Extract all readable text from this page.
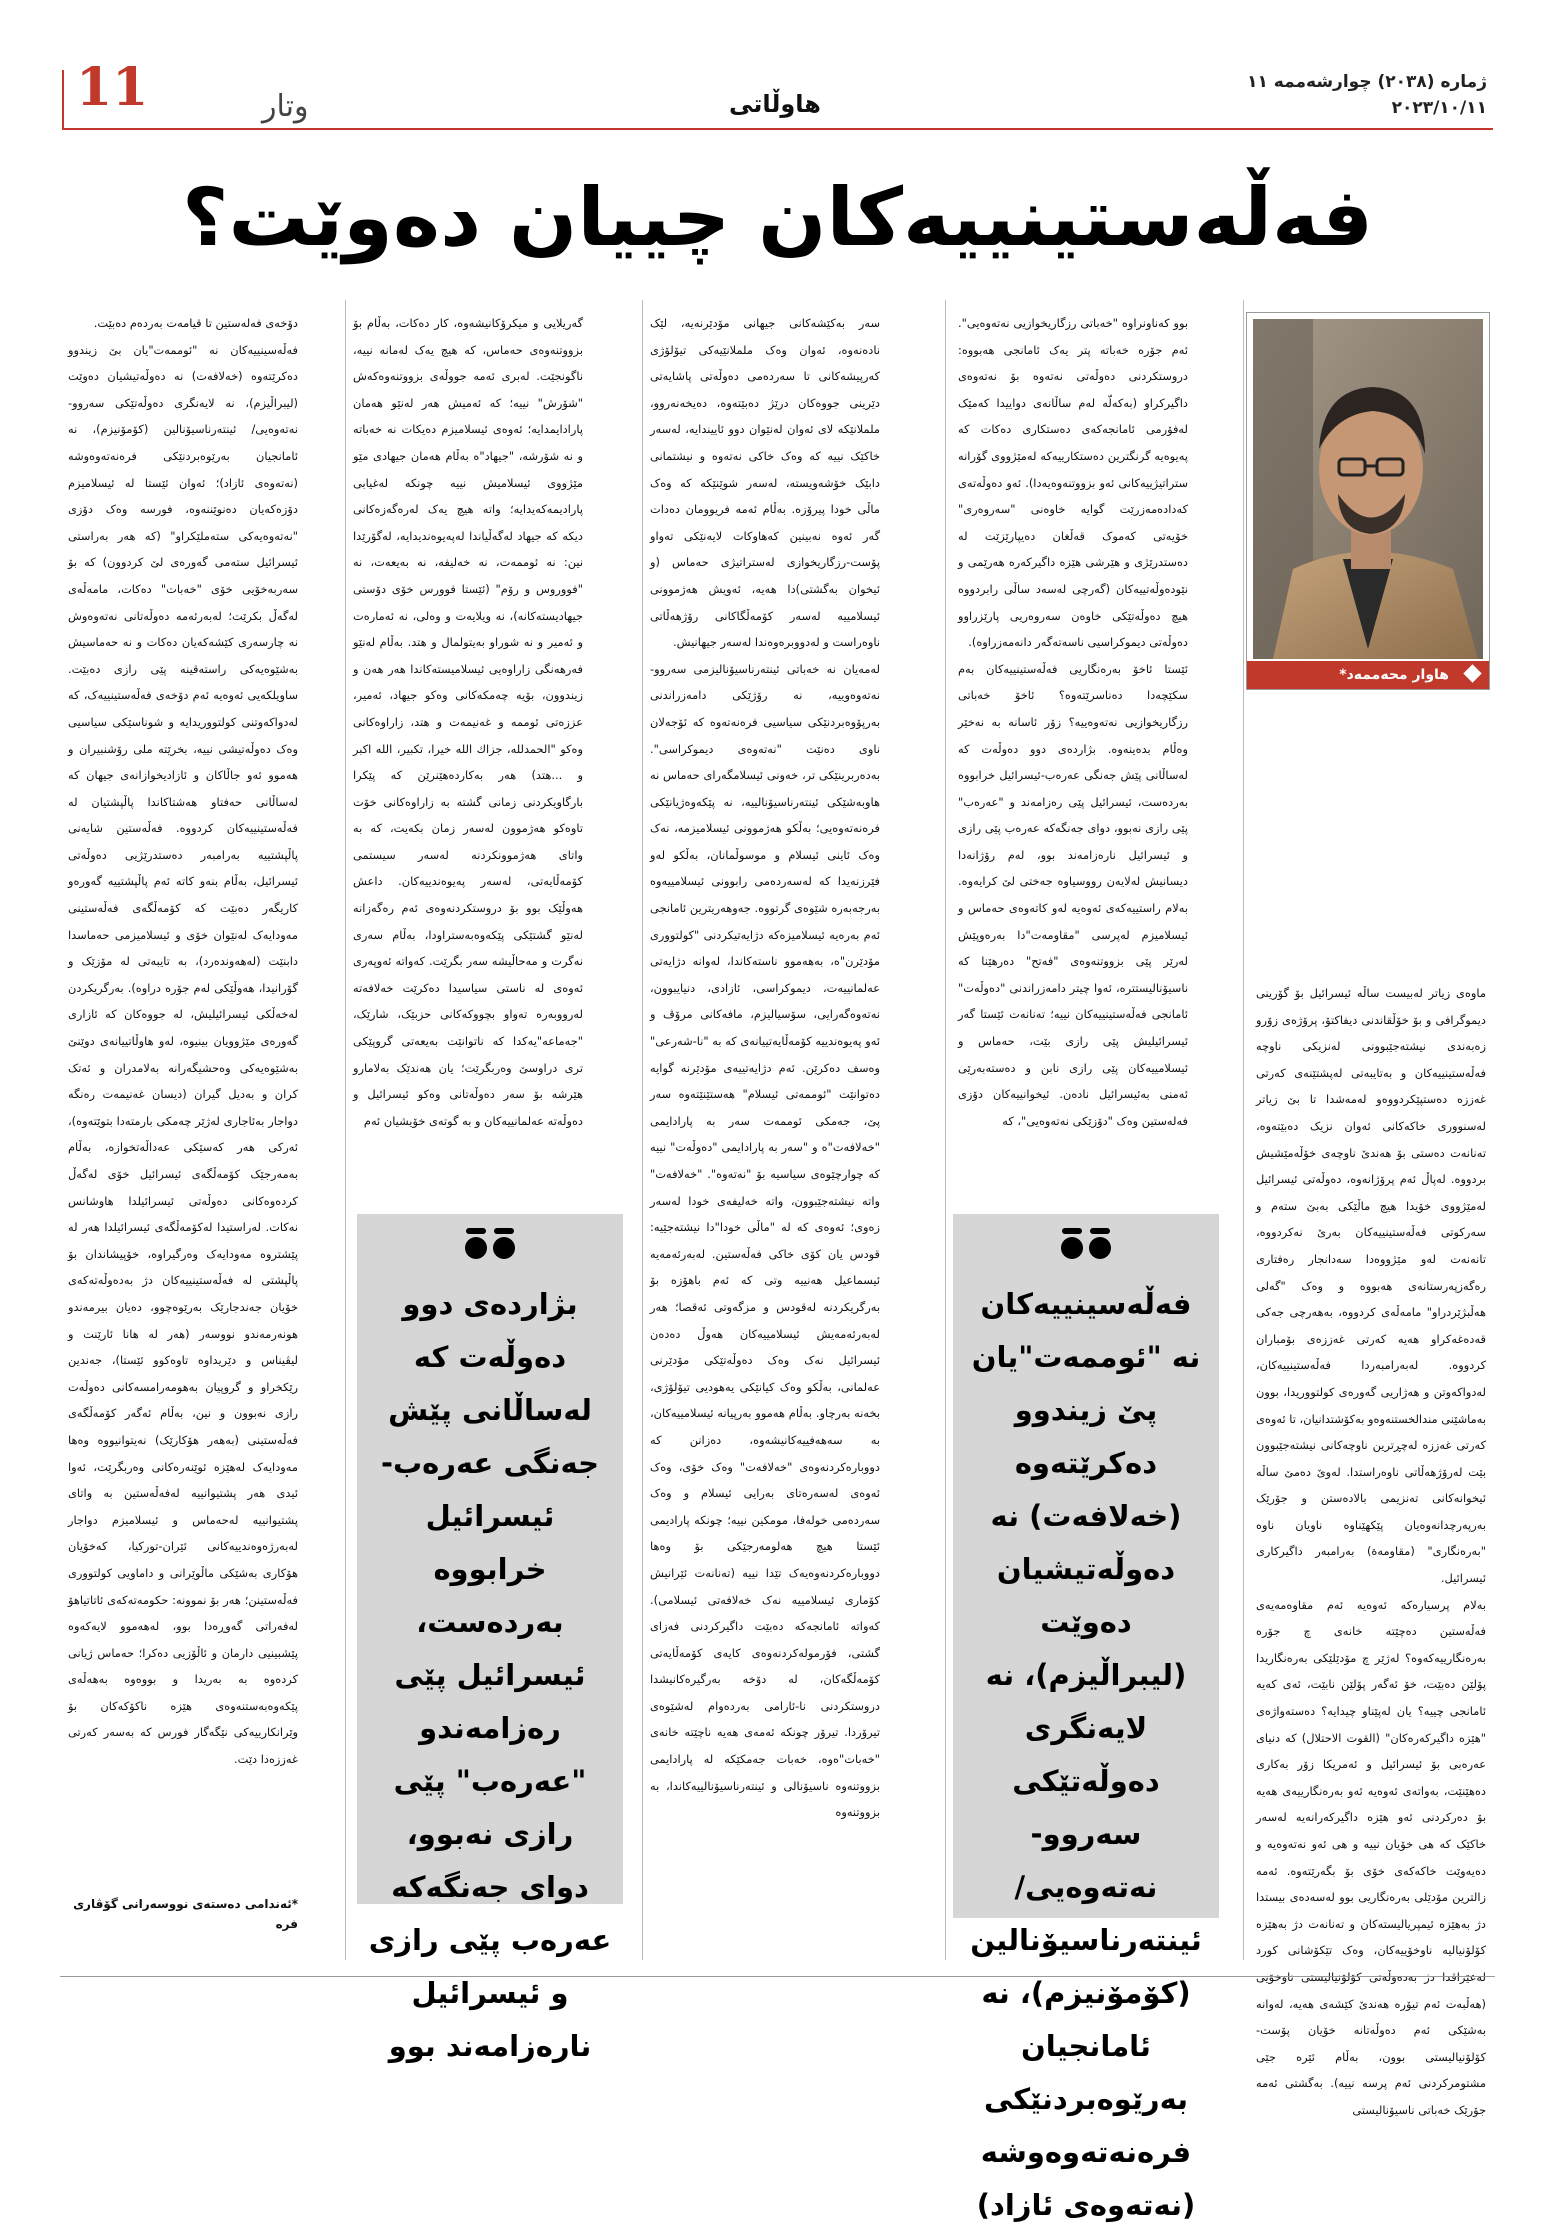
11	وتار	هاوڵاتی
ژمارە (٢٠٣٨) چوارشەممە ١١
٢٠٢٣/١٠/١١
فەڵەستینییەکان چییان دەوێت؟
هاوار محەممەد*

بوو کەناونراوە "خەباتی رزگاریخوازیی نەتەوەیی". ئەم جۆرە خەباتە پتر یەک ئامانجی هەبووە: دروستکردنی دەوڵەتی نەتەوە بۆ نەتەوەی داگیرکراو (بەکەلّە لەم ساڵانەی دواییدا کەمێک لەفۆرمی ئامانجەکەی دەستکاری دەکات کە پەیوەیە گرنگترین دەستکارییەکە لەمێژووی گۆرانە ستراتیژییەکانی ئەو بزووتنەوەیەدا). ئەو دەوڵەتەی کەدادەمەزرێت گوایە خاوەنی "سەروەری" خۆیەتی کەموک قەڵغان دەیپارێزێت لە دەستدرێژی و هێرشی هێزە داگیرکەرە هەرێمی و نێودەوڵەتییەکان (گەرچی لەسەد ساڵی رابردووە هیچ دەوڵەتێکی خاوەن سەروەریی پارێزراوو دەوڵەتی دیموکراسیی ناسەتەگەر دانەمەزراوە).

ئێستا ئاخۆ بەرەنگاریی فەڵەستینییەکان بەم سکێچەدا دەناسرێتەوە؟ ئاخۆ خەباتی رزگاریخوازیی نەتەوەییە؟ زۆر ئاسانە بە نەخێر وەڵام بدەینەوە. بژاردەی دوو دەوڵەت کە لەساڵانی پێش جەنگی عەرەب-ئیسرائیل خرابووە بەردەست، ئیسرائیل پێی رەزامەند و "عەرەب" پێی رازی نەبوو، دوای جەنگەکە عەرەب پێی رازی و ئیسرائیل نارەزامەند بوو، لەم رۆژانەدا دیسانیش لەلایەن رووسیاوە جەختی لێ کرایەوە. بەلام راستییەکەی ئەوەیە لەو کاتەوەی حەماس و ئیسلامیزم لەپرسی "مقاومەت"دا بەرەوپێش لەرێر پێی بزووتنەوەی "فەتح" دەرهێنا کە ناسیۆنالیستترە، ئەوا چیتر دامەزراندنی "دەوڵەت" ئامانجی فەڵەستینییەکان نییە؛ تەنانەت ئێستا گەر ئیسرائیلیش پێی رازی بێت، حەماس و ئیسلامییەکان پێی رازی نابن و دەستەبەرێی ئەمنی بەئیسرائیل نادەن. ئیخوانییەکان دۆزی فەلەستین وەک "دۆزێکی نەتەوەیی"، کە

ماوەی زیاتر لەبیست ساڵە ئیسرائیل بۆ گۆرینی دیموگرافی و بۆ خۆڵقاندنی دیفاکتۆ، پرۆژەی زۆرو زەبەندی نیشتەجێبوونی لەنزیکی ناوچە فەڵەستینییەکان و بەتایبەتی لەپشتێنەی کەرتی غەززە دەستپێکردووەو لەمەشدا تا بێ زیاتر لەسنووری خاکەکانی ئەوان نزیک دەبێتەوە، تەنانەت دەستی بۆ هەندێ ناوچەی خۆڵەمێشیش بردووە. لەپاڵ ئەم پرۆژانەوە، دەوڵەتی ئیسرائیل لەمێژووی خۆیدا هیچ ماڵێکی بەبێ ستەم و سەرکوتی فەڵەستینییەکان بەرێ نەکردووە، تانەنەت لەو مێژووەدا سەدانجار رەفتاری رەگەزپەرستانەی هەبووە و وەک "گەلی هەڵبژێردراو" مامەڵەی کردووە، بەهەرچی جەکی قەدەغەکراو هەیە کەرتی غەززەی بۆمباران کردووە. لەبەرامبەردا فەڵەستینییەکان، لەدواکەوتن و هەژاریی گەورەی کولتووریدا، بوون بەماشێنی مندالخستنەوەو بەکۆشتدانیان، تا ئەوەی کەرتی غەززە لەچڕترین ناوچەکانی نیشتەجێبوون بێت لەرۆژهەڵاتی ناوەراستدا. لەوێ دەمێ ساڵە ئیخوانەکانی تەنزیمی بالادەستن و جۆرێک بەرپەرچدانەوەیان پێکهێناوە ناویان ناوە "بەرەنگاری" (مقاومەة) بەرامبەر داگیرکاری ئیسرائیل.

بەلام پرسیارەکە ئەوەیە ئەم مقاوەمەیەی فەڵەستین دەچێتە خانەی چ جۆرە بەرەنگارییەکەوە؟ لەژێر چ مۆدێلێکی بەرەنگاریدا پۆلێن دەبێت، خۆ ئەگەر پۆلێن نابێت، ئەی کەیە ئامانجی چییە؟ یان لەپێناو چیدایە؟ دەستەواژەی "هێزە داگیرکەرەکان" (القوت الاحتلال) کە دنیای عەرەبی بۆ ئیسرائیل و ئەمریکا زۆر بەکاری دەهێنێت، بەواتەی ئەوەیە ئەو بەرەنگارییەی هەیە بۆ دەرکردنی ئەو هێزە داگیرکەرانەیە لەسەر خاکێک کە هی خۆیان نییە و هی ئەو نەتەوەیە و دەیەوێت خاکەکەی خۆی بۆ بگەرێتەوە. ئەمە زالترین مۆدێلی بەرەنگاریی بوو لەسەدەی بیستدا دژ بەهێزە ئیمپریالیستەکان و تەنانەت دژ بەهێزە کۆلۆنیالیە ناوخۆییەکان، وەک تێکۆشانی کورد لەعێراقدا دژ بەدەوڵەتی کۆلۆنیالیستی ناوخۆیی (هەڵبەت ئەم تیۆرە هەندێ کێشەی هەیە، لەوانە بەشێکی ئەم دەوڵەتانە خۆیان پۆست-کۆلۆنیالیستی بوون، بەڵام ئێرە جێی مشتومرکردنی ئەم پرسە نییە). بەگشتی ئەمە جۆرێک خەباتی ناسیۆنالیستی

سەر بەکێشەکانی جیهانی مۆدێرنەیە، لێک نادەنەوە، ئەوان وەک ململانێیەکی تیۆلۆژی کەرپیشەکانی تا سەردەمی دەوڵەتی پاشایەتی دێرینی جووەکان درێژ دەبێتەوە، دەیخەنەروو، ململانێکە لای ئەوان لەنێوان دوو ئاییندایە، لەسەر خاکێک نییە کە وەک خاکی نەتەوە و نیشتمانی دابێک خۆشەویستە، لەسەر شوێنێکە کە وەک ماڵی خودا پیرۆزە. بەڵام ئەمە فریوومان دەدات گەر ئەوە نەبینین کەهاوکات لایەنێکی تەواو پۆست-رزگاریخوازی لەستراتیژی حەماس (و ئیخوان بەگشتی)دا هەیە، ئەویش هەژموونی ئیسلامییە لەسەر کۆمەڵگاکانی رۆژهەڵاتی ناوەراست و لەدووبرەوەندا لەسەر جیهانیش.

لەمەیان نە خەباتی ئینتەرناسیۆنالیزمی سەروو-نەتەوەوییە، نە رۆژێکی دامەزراندنی بەرپۆوەبردنێکی سیاسیی فرەنەتەوە کە ئۆجەلان ناوی دەنێت "نەتەوەی دیموکراسی". بەدەربرینێکی تر، خەونی ئیسلامگەرای حەماس نە هاوبەشێکی ئینتەرناسیۆنالییە، نە پێکەوەژیانێکی فرەنەتەوەیی؛ بەڵکو هەژموونی ئیسلامیزمە، نەک وەک ئاینی ئیسلام و موسوڵمانان، بەڵکو لەو فێرزنەیدا کە لەسەردەمی رابوونی ئیسلامییەوە بەرجەبەرە شێوەی گرتووە. جەوهەریترین ئامانجی ئەم بەرەیە ئیسلامیزەکە دژایەتیکردنی "کولتووری مۆدێرن"ە، بەهەموو ناستەکاندا، لەوانە دژایەتی عەلمانییەت، دیموکراسی، ئازادی، دنیایبوون، نەتەوەگەرایی، سۆسیالیزم، مافەکانی مرۆڤ و ئەو پەیوەندییە کۆمەڵایەتییانەی کە بە "نا-شەرعی" وەسف دەکرێن. ئەم دژایەتییەی مۆدێرنە گوایە دەتوانێت "ئوممەتی ئیسلام" هەستێنێتەوە سەر پێ، جەمکی ئوممەت سەر بە پارادایمی "خەلافەت"ە و "سەر بە پارادایمی "دەوڵەت" نییە کە چوارچێوەی سیاسیە بۆ "نەتەوە". "خەلافەت" واتە نیشتەجێبوون، واتە خەلیفەی خودا لەسەر زەوی؛ ئەوەی کە لە "ماڵی خودا"دا نیشتەجێیە: قودس یان کۆی خاکی فەڵەستین. لەبەرئەمەیە ئیسماعیل هەنییە وتی کە ئەم باهۆزە بۆ بەرگریکردنە لەقودس و مزگەوتی ئەقصا؛ هەر لەبەرئەمەیش ئیسلامییەکان هەوڵ دەدەن ئیسرائیل نەک وەک دەوڵەتێکی مۆدێرنی عەلمانی، بەڵکو وەک کیانێکی یەهودیی تیۆلۆژی، بخەنە بەرچاو. بەڵام هەموو بەرپیانە ئیسلامییەکان، بە سەهەفییەکانیشەوە، دەزانن کە دووبارەکردنەوەی "خەلافەت" وەک خۆی، وەک ئەوەی لەسەرەتای بەرایی ئیسلام و وەک سەردەمی خولەفا، مومکین نییە؛ چونکە پارادیمی ئێستا هیچ هەلومەرجێکی بۆ وەها دووبارەکردنەوەیەک تێدا نییە (تەنانەت ئێرانیش کۆماری ئیسلامییە نەک خەلافەتی ئیسلامی). کەواتە ئامانجەکە دەبێت داگیرکردنی فەزای گشتی، فۆرمولەکردنەوەی کایەی کۆمەڵایەتی کۆمەڵگەکان، لە دۆخە بەرگیرەکانیشدا دروستکردنی نا-ئارامی بەردەوام لەشێوەی تیرۆردا. تیرۆر چونکە ئەمەی هەیە ناچێتە خانەی "خەبات"ەوە، خەبات جەمکێکە لە پارادایمی بزووتنەوە ناسیۆنالی و ئینتەرناسیۆنالییەکاندا، بە بزووتنەوە

گەریلایی و میکرۆکانیشەوە، کار دەکات، بەڵام بۆ بزووتنەوەی حەماس، کە هیچ یەک لەمانە نییە، ناگونجێت. لەبری ئەمە جووڵەی بزووتنەوەکەش "شۆرش" نییە؛ کە ئەمیش هەر لەنێو هەمان پارادایمدایە؛ ئەوەی ئیسلامیزم دەیکات نە خەباتە و نە شۆرشە، "جیهاد"ە بەڵام هەمان جیهادی مێو مێژووی ئیسلامیش نییە چونکە لەغیابی پارادیمەکەیدایە؛ واتە هیچ یەک لەرەگەزەکانی دیکە کە جیهاد لەگەڵیاندا لەپەیوەندیدایە، لەگۆرێدا نین: نە ئوممەت، نە خەلیفە، نە بەیعەت، نە "فووروس و رۆم" (ئێستا فوورس خۆی دۆستی جیهادیستەکانە)، نە ویلایەت و وەلی، نە ئەمارەت و ئەمیر و نە شوراو بەیتولمال و هتد. بەڵام لەنێو فەرهەنگی زاراوەیی ئیسلامیستەکاندا هەر هەن و زیندوون، بۆیە چەمکەکانی وەکو جیهاد، ئەمیر، عززەتی ئوممە و غەنیمەت و هتد، زاراوەکانی وەکو "الحمدلله، جزاك الله خیرا، تکبیر، الله اکبر و ...هتد) هەر بەکاردەهێنرێن کە پێکرا بارگاویکردنی زمانی گشتە بە زاراوەکانی خۆت تاوەکو هەژموون لەسەر زمان بکەیت، کە بە واتای هەژموونکردنە لەسەر سیستمی کۆمەڵایەتی، لەسەر پەیوەندییەکان. داعش هەوڵێک بوو بۆ دروستکردنەوەی ئەم رەگەزانە لەنێو گشتێکی پێکەوەبەستراودا، بەڵام سەری نەگرت و مەحاڵیشە سەر بگرێت. کەواتە ئەوپەری ئەوەی لە ناستی سیاسیدا دەکرێت خەلافەتە لەرووبەرە تەواو بچووکەکانی حزبێک، شارێک، "جەماعە"یەکدا کە ناتوانێت بەیعەتی گروپێکی تری دراوسێ وەربگرێت؛ یان هەندێک بەلامارو هێرشە بۆ سەر دەوڵەتانی وەکو ئیسرائیل و دەوڵەتە عەلمانییەکان و بە گوتەی خۆیشیان ئەم

دۆخەی فەلەستین تا قیامەت بەردەم دەبێت.

فەڵەسینییەکان نە "ئوممەت"یان بێ زیندوو دەکرێتەوە (خەلافەت) نە دەوڵەتیشیان دەوێت (لیبراڵیزم)، نە لایەنگری دەوڵەتێکی سەروو-نەتەوەیی/ ئینتەرناسیۆنالین (کۆمۆنیزم)، نە ئامانجیان بەرێوەبردنێکی فرەنەتەوەوشە (نەتەوەی ئازاد)؛ ئەوان ئێستا لە ئیسلامیزم دۆزەکەیان دەنوێننەوە، فورسە وەک دۆزی "نەتەوەیەکی ستەملێکراو" (کە هەر بەراستی ئیسرائیل ستەمی گەورەی لێ کردوون) کە بۆ سەربەخۆیی خۆی "خەبات" دەکات، مامەڵەی لەگەڵ بکرێت؛ لەبەرئەمە دەوڵەتانی نەتەوەوش نە چارسەری کێشەکەیان دەکات و نە حەماسیش بەشێوەیەکی راستەقینە پێی رازی دەبێت. ساویلکەیی ئەوەیە ئەم دۆخەی فەڵەستینییەک، کە لەدواکەوتنی کولتووریدایە و شوناسێکی سیاسیی وەک دەوڵەتیشی نییە، بخرێتە ملی رۆشنبیران و هەموو ئەو جاڵاکان و ئازادیخوازانەی جیهان کە لەساڵانی حەفتاو هەشتاکاندا پاڵپشتیان لە فەڵەستینییەکان کردووە. فەڵەستین شایەنی پاڵپشتییە بەرامبەر دەستدرێژیی دەوڵەتی ئیسرائیل، بەڵام بنەو کاتە ئەم پاڵپشتییە گەورەو کاریگەر دەبێت کە کۆمەڵگەی فەڵەستینی مەودایەک لەنێوان خۆی و ئیسلامیزمی حەماسدا دابنێت (لەهەوندەرد)، بە تایبەتی لە مۆزێک و گۆرانیدا، هەوڵێکی لەم جۆرە دراوە). بەرگریکردن لەخەڵکی ئیسرائیلیش، لە جووەکان کە ئازاری گەورەی مێژوویان بینیوە، لەو هاوڵاتییانەی دوێنێ بەشێوەیەکی وەحشیگەرانە بەلامدران و ئەتک کران و بەدیل گیران (دیسان غەنیمەت رەنگە دواجار بەئاجاری لەژێر چەمکی بارمتەدا بتوێتەوە)، ئەرکی هەر کەسێکی عەداڵەتخوازە، بەڵام بەمەرجێک کۆمەڵگەی ئیسرائیل خۆی لەگەڵ کردەوەکانی دەوڵەتی ئیسرائیلدا هاوشانس نەکات. لەراستیدا لەکۆمەڵگەی ئیسرائیلدا هەر لە پێشتروە مەودایەک وەرگیراوە، خۆپیشاندان بۆ پاڵپشتی لە فەڵەستینییەکان دژ بەدەوڵەتەکەی خۆیان جەندجارێک بەرێوەچوو، دەیان بیرمەندو هونەرمەندو نووسەر (هەر لە هانا ئارێنت و لیڤیناس و دێریداوە تاوەکوو ئێستا)، جەندین رێکخراو و گروپیان بەهومەرامسەکانی دەوڵەت رازی نەبوون و نین، بەڵام ئەگەر کۆمەڵگەی فەڵەستینی (بەهەر هۆکارێک) نەیتوانیووە وەها مەودایەک لەهێزە ئوێنەرەکانی وەربگرێت، ئەوا ئیدی هەر پشتیوانییە لەفەڵەستین بە واتای پشتیوانییە لەحەماس و ئیسلامیزم دواجار لەبەرژەوەندییەکانی ئێران-تورکیا، کەخۆیان هۆکاری بەشێکی ماڵوێرانی و داماویی کولتووری فەڵەستینن؛ هەر بۆ نموونە: حکومەتەکەی ئاتاتیاهۆ لەفەراتی گەوڕەدا بوو، لەهەموو لایەکەوە پێشبینیی دارمان و ئاڵۆزیی دەکرا؛ حەماس ژیانی کردەوە بە بەریدا و بووەوە بەهەڵەی پێکەوەبەستنەوەی هێزە ناکۆکەکان بۆ وێرانکارییەکی نێگەگار فورس کە بەسەر کەرتی غەززەدا دێت.

فەڵەسینییەکان نە "ئوممەت"یان پێ زیندوو دەکرێتەوە (خەلافەت) نە دەوڵەتیشیان دەوێت (لیبراڵیزم)، نە لایەنگری دەوڵەتێکی سەروو-نەتەوەیی/ ئینتەرناسیۆنالین (کۆمۆنیزم)، نە ئامانجیان بەرێوەبردنێکی فرەنەتەوەوشە (نەتەوەی ئازاد)
بژاردەی دوو دەوڵەت کە لەساڵانی پێش جەنگی عەرەب-ئیسرائیل خرابووە بەردەست، ئیسرائیل پێی رەزامەندو "عەرەب" پێی رازی نەبوو، دوای جەنگەکە عەرەب پێی رازی و ئیسرائیل نارەزامەند بوو
*ئەندامی دەستەی نووسەرانی گۆڤاری فره
